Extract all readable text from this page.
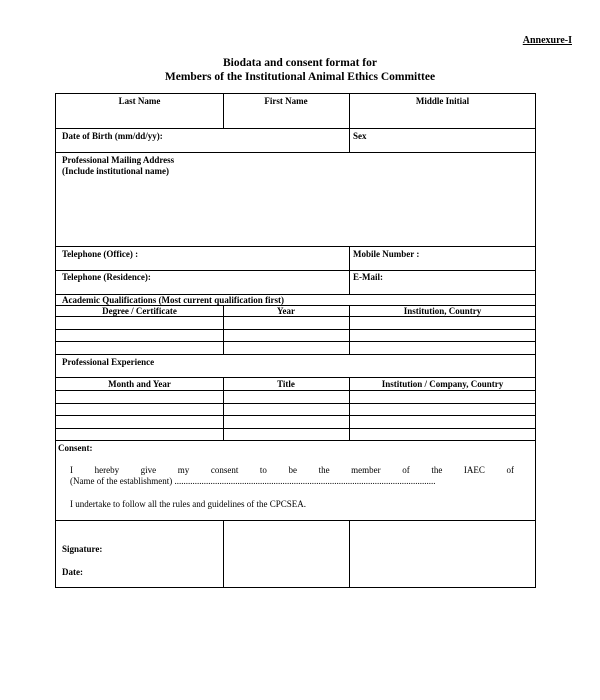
Annexure-I
Biodata and consent format for
Members of the Institutional Animal Ethics Committee
Last Name	First Name	Middle Initial
Date of Birth (mm/dd/yy):	Sex
Professional Mailing Address
(Include institutional name)
Telephone (Office) :	Mobile Number :
Telephone (Residence):	E-Mail:
Academic Qualifications (Most current qualification first)
Degree / Certificate	Year	Institution, Country
Professional Experience
Month and Year	Title	Institution / Company, Country
Consent:
I hereby give my consent to be the member of the IAEC of
(Name of the establishment) ....................................................................................................................
I undertake to follow all the rules and guidelines of the CPCSEA.
Signature:
Date:
